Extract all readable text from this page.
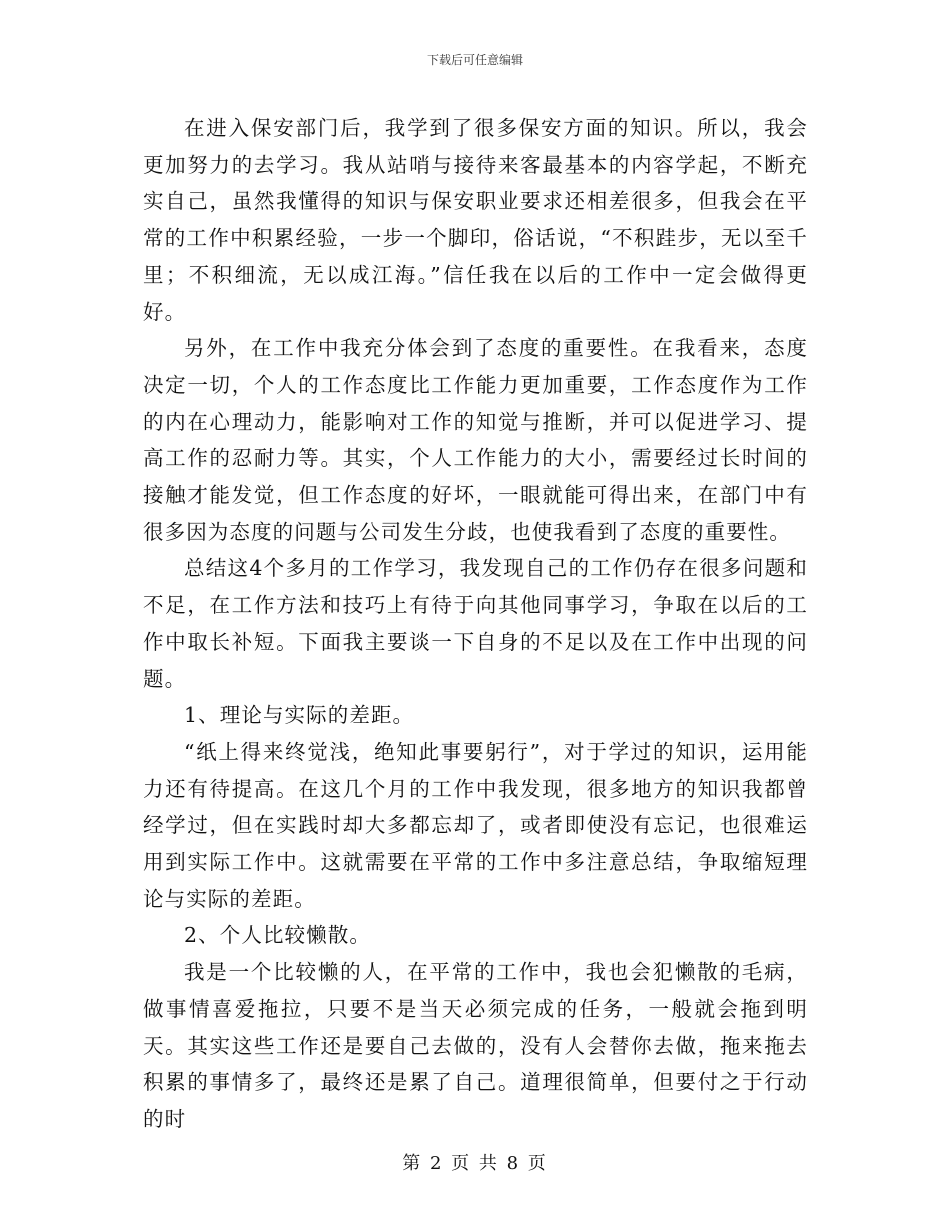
下载后可任意编辑

在进入保安部门后，我学到了很多保安方面的知识。所以，我会更加努力的去学习。我从站哨与接待来客最基本的内容学起，不断充实自己，虽然我懂得的知识与保安职业要求还相差很多，但我会在平常的工作中积累经验，一步一个脚印，俗话说，“不积跬步，无以至千里；不积细流，无以成江海。”信任我在以后的工作中一定会做得更好。

另外，在工作中我充分体会到了态度的重要性。在我看来，态度决定一切，个人的工作态度比工作能力更加重要，工作态度作为工作的内在心理动力，能影响对工作的知觉与推断，并可以促进学习、提高工作的忍耐力等。其实，个人工作能力的大小，需要经过长时间的接触才能发觉，但工作态度的好坏，一眼就能可得出来，在部门中有很多因为态度的问题与公司发生分歧，也使我看到了态度的重要性。

总结这4个多月的工作学习，我发现自己的工作仍存在很多问题和不足，在工作方法和技巧上有待于向其他同事学习，争取在以后的工作中取长补短。下面我主要谈一下自身的不足以及在工作中出现的问题。

1、理论与实际的差距。

“纸上得来终觉浅，绝知此事要躬行”，对于学过的知识，运用能力还有待提高。在这几个月的工作中我发现，很多地方的知识我都曾经学过，但在实践时却大多都忘却了，或者即使没有忘记，也很难运用到实际工作中。这就需要在平常的工作中多注意总结，争取缩短理论与实际的差距。

2、个人比较懒散。

我是一个比较懒的人，在平常的工作中，我也会犯懒散的毛病，做事情喜爱拖拉，只要不是当天必须完成的任务，一般就会拖到明天。其实这些工作还是要自己去做的，没有人会替你去做，拖来拖去积累的事情多了，最终还是累了自己。道理很简单，但要付之于行动的时

第 2 页 共 8 页
